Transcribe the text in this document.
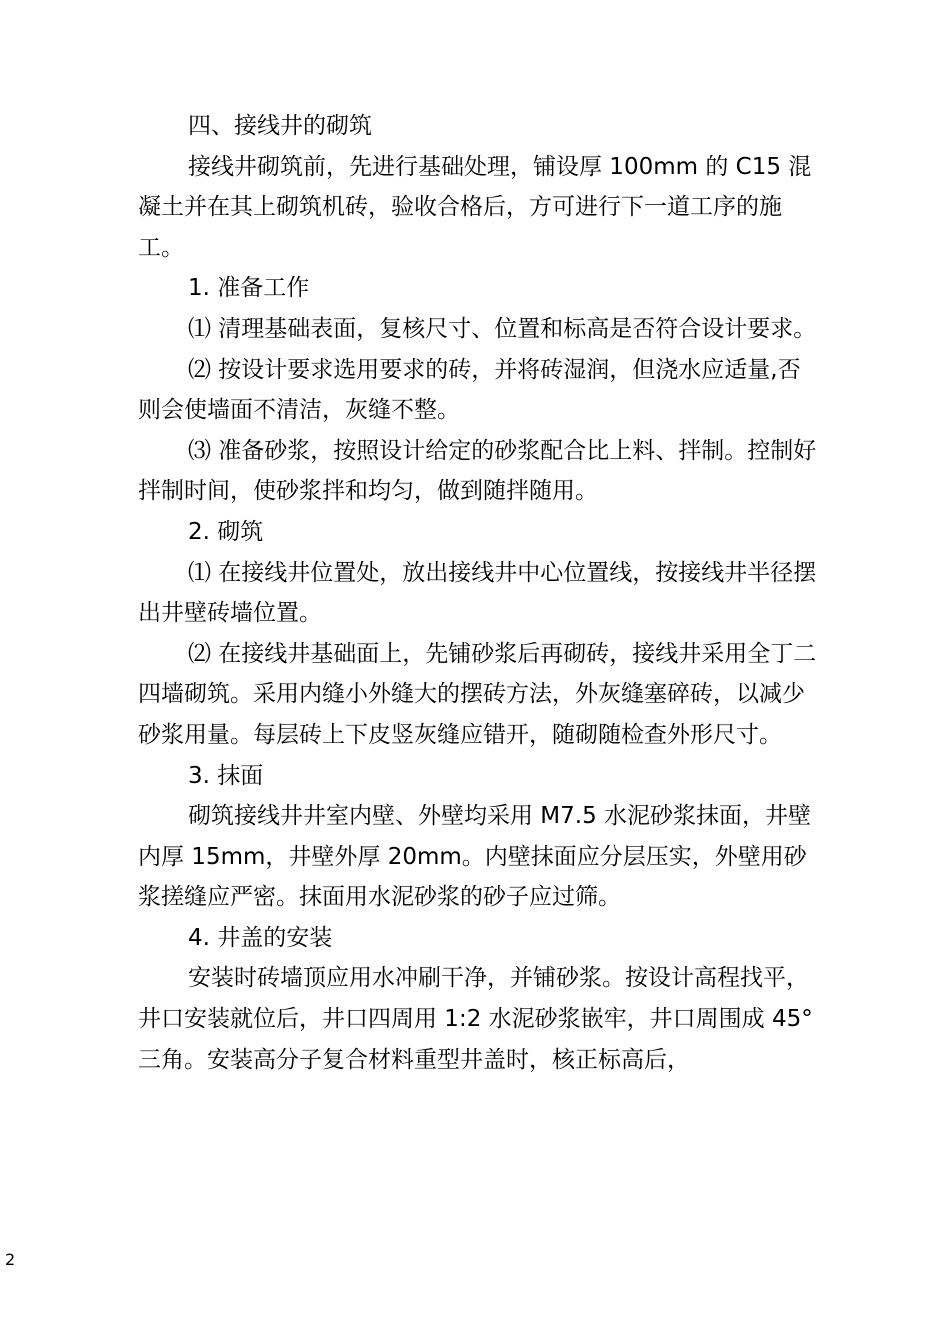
四、接线井的砌筑

接线井砌筑前，先进行基础处理，铺设厚 100mm 的 C15 混凝土并在其上砌筑机砖，验收合格后，方可进行下一道工序的施工。

1. 准备工作

⑴ 清理基础表面，复核尺寸、位置和标高是否符合设计要求。

⑵ 按设计要求选用要求的砖，并将砖湿润，但浇水应适量,否则会使墙面不清洁，灰缝不整。

⑶ 准备砂浆，按照设计给定的砂浆配合比上料、拌制。控制好拌制时间，使砂浆拌和均匀，做到随拌随用。

2. 砌筑

⑴ 在接线井位置处，放出接线井中心位置线，按接线井半径摆出井壁砖墙位置。

⑵ 在接线井基础面上，先铺砂浆后再砌砖，接线井采用全丁二四墙砌筑。采用内缝小外缝大的摆砖方法，外灰缝塞碎砖，以减少砂浆用量。每层砖上下皮竖灰缝应错开，随砌随检查外形尺寸。

3. 抹面

砌筑接线井井室内壁、外壁均采用 M7.5 水泥砂浆抹面，井壁内厚 15mm，井壁外厚 20mm。内壁抹面应分层压实，外壁用砂浆搓缝应严密。抹面用水泥砂浆的砂子应过筛。

4. 井盖的安装

安装时砖墙顶应用水冲刷干净，并铺砂浆。按设计高程找平，井口安装就位后，井口四周用 1:2 水泥砂浆嵌牢，井口周围成 45°三角。安装高分子复合材料重型井盖时，核正标高后，

2
